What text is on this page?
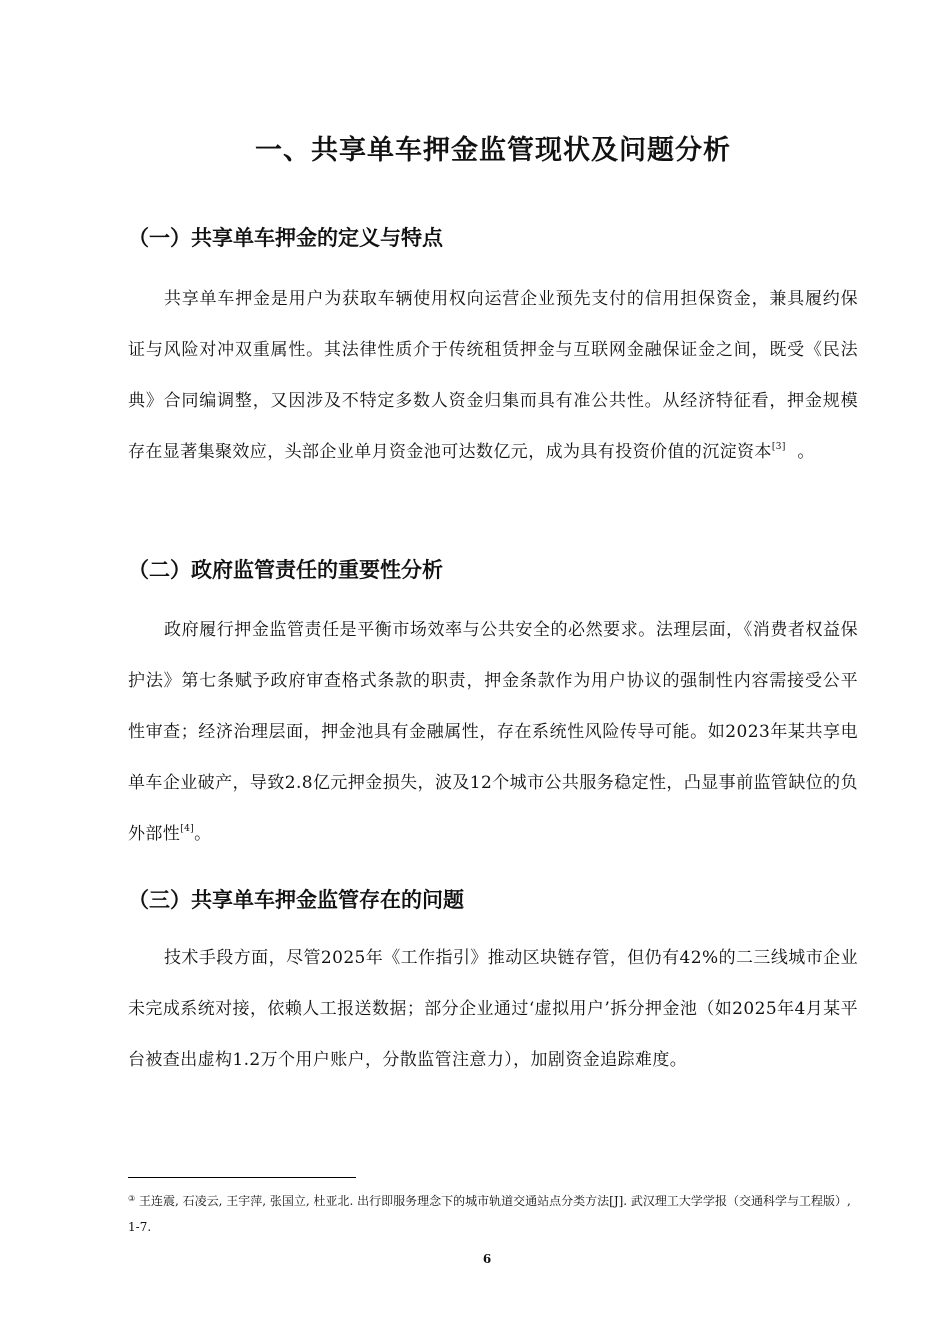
一、共享单车押金监管现状及问题分析
（一）共享单车押金的定义与特点

共享单车押金是用户为获取车辆使用权向运营企业预先支付的信用担保资金，兼具履约保证与风险对冲双重属性。其法律性质介于传统租赁押金与互联网金融保证金之间，既受《民法典》合同编调整，又因涉及不特定多数人资金归集而具有准公共性。从经济特征看，押金规模存在显著集聚效应，头部企业单月资金池可达数亿元，成为具有投资价值的沉淀资本[3]  。

（二）政府监管责任的重要性分析

政府履行押金监管责任是平衡市场效率与公共安全的必然要求。法理层面，《消费者权益保护法》第七条赋予政府审查格式条款的职责，押金条款作为用户协议的强制性内容需接受公平性审查；经济治理层面，押金池具有金融属性，存在系统性风险传导可能。如2023年某共享电单车企业破产，导致2.8亿元押金损失，波及12个城市公共服务稳定性，凸显事前监管缺位的负外部性[4]。

（三）共享单车押金监管存在的问题

技术手段方面，尽管2025年《工作指引》推动区块链存管，但仍有42%的二三线城市企业未完成系统对接，依赖人工报送数据；部分企业通过‘虚拟用户’拆分押金池（如2025年4月某平台被查出虚构1.2万个用户账户，分散监管注意力），加剧资金追踪难度。

③ 王连震, 石凌云, 王宇萍, 张国立, 杜亚北. 出行即服务理念下的城市轨道交通站点分类方法[J]. 武汉理工大学学报（交通科学与工程版）, 1-7.

6
